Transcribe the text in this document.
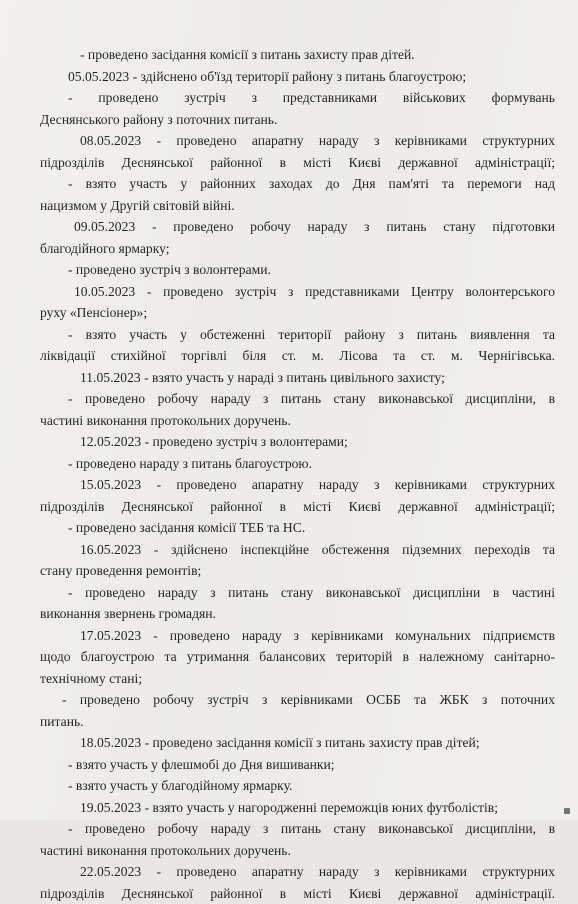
- проведено засідання комісії з питань захисту прав дітей.
05.05.2023 - здійснено об'їзд території району з питань благоустрою;
- проведено зустріч з представниками військових формувань
Деснянського району з поточних питань.
08.05.2023 - проведено апаратну нараду з керівниками структурних
підрозділів Деснянської районної в місті Києві державної адміністрації;
- взято участь у районних заходах до Дня пам'яті та перемоги над
нацизмом у Другій світовій війні.
09.05.2023 - проведено робочу нараду з питань стану підготовки
благодійного ярмарку;
- проведено зустріч з волонтерами.
10.05.2023 - проведено зустріч з представниками Центру волонтерського
руху «Пенсіонер»;
- взято участь у обстеженні території району з питань виявлення та
ліквідації стихійної торгівлі біля ст. м. Лісова та ст. м. Чернігівська.
11.05.2023 - взято участь у нараді з питань цивільного захисту;
- проведено робочу нараду з питань стану виконавської дисципліни, в
частині виконання протокольних доручень.
12.05.2023 - проведено зустріч з волонтерами;
- проведено нараду з питань благоустрою.
15.05.2023 - проведено апаратну нараду з керівниками структурних
підрозділів Деснянської районної в місті Києві державної адміністрації;
- проведено засідання комісії ТЕБ та НС.
16.05.2023 - здійснено інспекційне обстеження підземних переходів та
стану проведення ремонтів;
- проведено нараду з питань стану виконавської дисципліни в частині
виконання звернень громадян.
17.05.2023 - проведено нараду з керівниками комунальних підприємств
щодо благоустрою та утримання балансових територій в належному санітарно-
технічному стані;
- проведено робочу зустріч з керівниками ОСББ та ЖБК з поточних
питань.
18.05.2023 - проведено засідання комісії з питань захисту прав дітей;
- взято участь у флешмобі до Дня вишиванки;
- взято участь у благодійному ярмарку.
19.05.2023 - взято участь у нагородженні переможців юних футболістів;
- проведено робочу нараду з питань стану виконавської дисципліни, в
частині виконання протокольних доручень.
22.05.2023 - проведено апаратну нараду з керівниками структурних
підрозділів Деснянської районної в місті Києві державної адміністрації.
